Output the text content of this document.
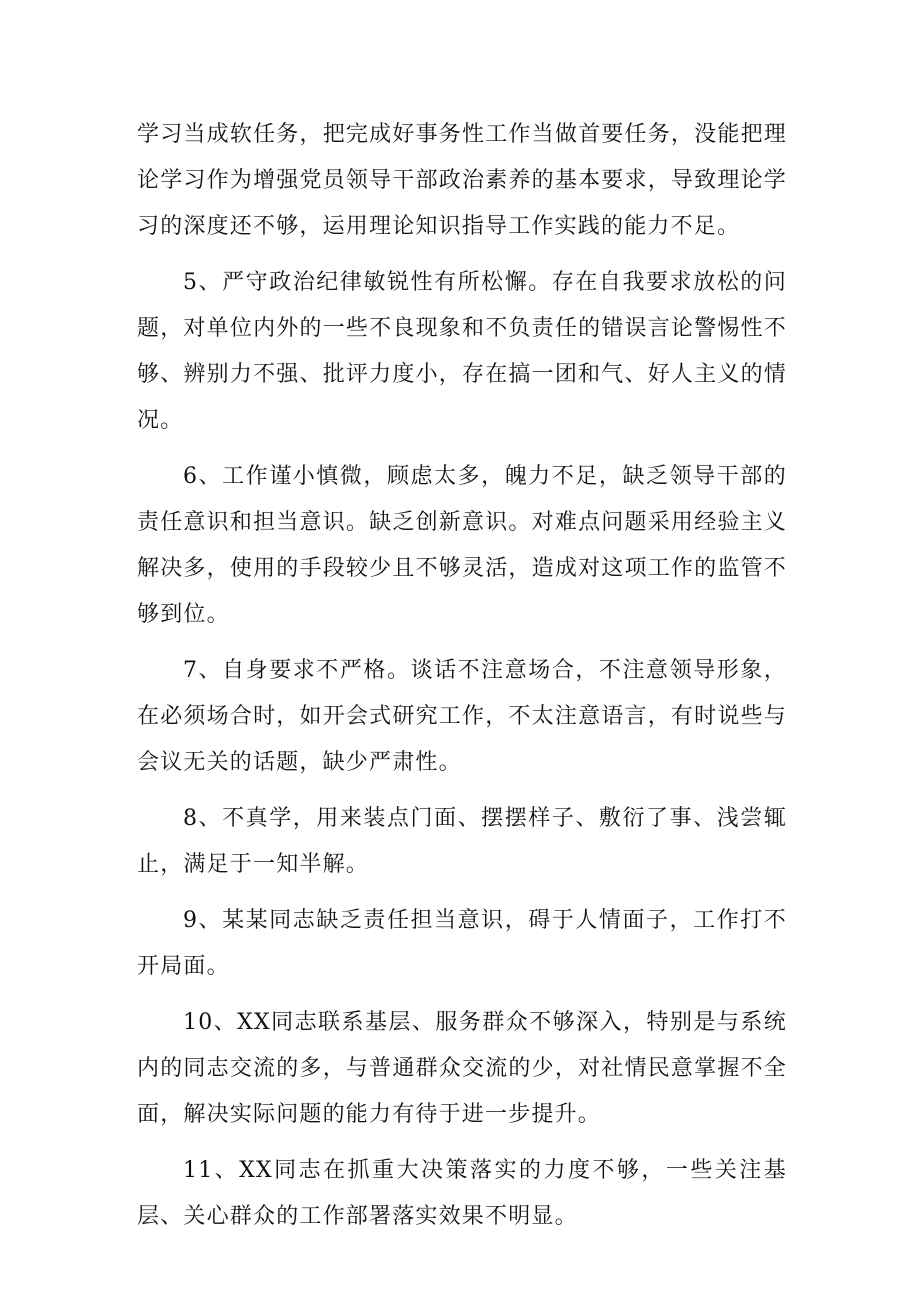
学习当成软任务，把完成好事务性工作当做首要任务，没能把理论学习作为增强党员领导干部政治素养的基本要求，导致理论学习的深度还不够，运用理论知识指导工作实践的能力不足。

5、严守政治纪律敏锐性有所松懈。存在自我要求放松的问题，对单位内外的一些不良现象和不负责任的错误言论警惕性不够、辨别力不强、批评力度小，存在搞一团和气、好人主义的情况。

6、工作谨小慎微，顾虑太多，魄力不足，缺乏领导干部的责任意识和担当意识。缺乏创新意识。对难点问题采用经验主义解决多，使用的手段较少且不够灵活，造成对这项工作的监管不够到位。

7、自身要求不严格。谈话不注意场合，不注意领导形象，在必须场合时，如开会式研究工作，不太注意语言，有时说些与会议无关的话题，缺少严肃性。

8、不真学，用来装点门面、摆摆样子、敷衍了事、浅尝辄止，满足于一知半解。

9、某某同志缺乏责任担当意识，碍于人情面子，工作打不开局面。

10、XX同志联系基层、服务群众不够深入，特别是与系统内的同志交流的多，与普通群众交流的少，对社情民意掌握不全面，解决实际问题的能力有待于进一步提升。

11、XX同志在抓重大决策落实的力度不够，一些关注基层、关心群众的工作部署落实效果不明显。
